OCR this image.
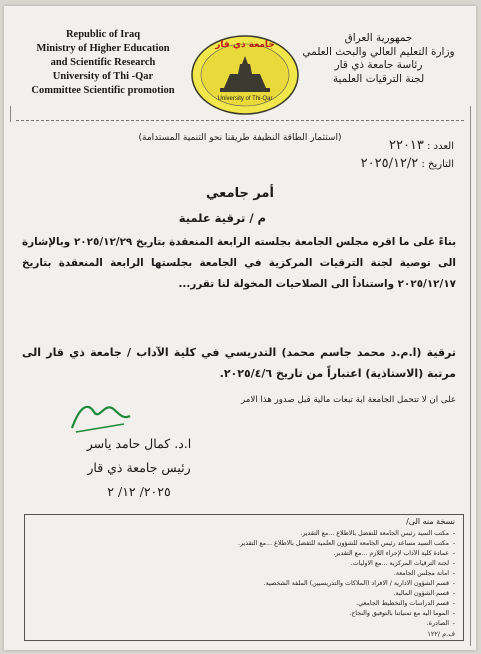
Republic of Iraq
Ministry of Higher Education
and Scientific Research
University of Thi -Qar
Committee Scientific promotion
جامعة ذي قار
University of Thi-Qar
جمهورية العراق
وزارة التعليم العالي والبحث العلمي
رئاسة جامعة ذي قار
لجنة الترقيات العلمية
(استثمار الطاقة النظيفة طريقنا نحو التنمية المستدامة)
العدد : ٢٢٠١٣
التاريخ : ٢٠٢٥/١٢/٢
أمر جامعي
م / ترقية علمية

بناءً على ما اقره مجلس الجامعة بجلسته الرابعة المنعقدة بتاريخ ٢٠٢٥/١٢/٢٩ وبالإشارة الى توصية لجنة الترقيات المركزية في الجامعة بجلستها الرابعة المنعقدة بتاريخ ٢٠٢٥/١٢/١٧ واستناداً الى الصلاحيات المخولة لنا تقرر...

ترقية (ا.م.د محمد جاسم محمد) التدريسي في كلية الآداب / جامعة ذي قار الى مرتبة (الاستاذية) اعتباراً من تاريخ ٢٠٢٥/٤/٦.

على ان لا تتحمل الجامعة اية تبعات مالية قبل صدور هذا الامر

ا.د. كمال حامد ياسر
رئيس جامعة ذي قار
٢٠٢٥/ ١٢/ ٢
نسخة منه الى/
-مكتب السيد رئيس الجامعة للتفضل بالاطلاع ...مع التقدير.
-مكتب السيد مساعد رئيس الجامعة للشؤون العلمية للتفضل بالاطلاع ...مع التقدير.
-عمادة كلية الآداب لإجراء اللازم ...مع التقدير.
-لجنة الترقيات المركزية ...مع الاوليات.
-امانة مجلس الجامعة.
-قسم الشؤون الادارية / الافراد (الملاكات والتدريسيين) الملفة الشخصية.
-قسم الشؤون المالية.
-قسم الدراسات والتخطيط الجامعي.
-الموما اليه مع تمنياتنا بالتوفيق والنجاح.
-الصادرة.
ف.م /١٢٢
